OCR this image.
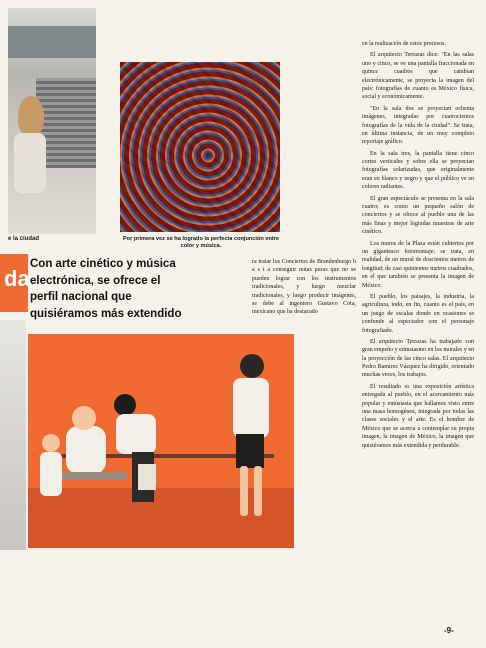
e la ciudad	Por primera vez se ha logrado la perfecta conjunción entre color y música.
da
Con arte cinético y música
electrónica, se ofrece el
perfil nacional que
quisiéramos más extendido

ra tratar los Conciertos de Brandenburgo h a s t a conseguir notas puras que no se pueden lograr con los instrumentos tradicionales, y luego mezclar tradicionales, y luego producir imágenes, se debe al ingeniero Gustavo Cota, mexicano que ha destacado

en la realización de estos procesos.

El arquitecto Terrazas dice: "En las salas uno y cinco, se ve una pantalla fraccionada en quince cuadros que cambian electrónicamente, se proyecta la imagen del país: fotografías de cuanto es México física, social y económicamente.

"En la sala dos se proyectan ochenta imágenes, integradas por cuatrocientos fotografías de la vida de la ciudad". Se trata, en última instancia, de un muy completo reportaje gráfico.

En la sala tres, la pantalla tiene cinco cortes verticales y sobre ella se proyectan fotografías solarizadas, que originalmente eran en blanco y negro y que el público ve en colores radiantes.

El gran espectáculo se presenta en la sala cuatro; es como un pequeño salón de conciertos y se ofrece al pueblo una de las más finas y mejor logradas muestras de arte cinético.

Los muros de la Plaza están cubiertos por un gigantesco fotomontaje; se trata, en realidad, de un mural de doscientos metros de longitud; de casi quinientos metros cuadrados, en el que también se presenta la imagen de México.

El pueblo, los paisajes, la industria, la agricultura, todo, en fin, cuanto es el país, en un juego de escalas donde en ocasiones se confunde al espectador con el personaje fotografiado.

El arquitecto Terrazas ha trabajado con gran empeño y entusiasmo en los murales y en la proyección de las cinco salas. El arquitecto Pedro Ramírez Vázquez ha dirigido, orientado muchas veces, los trabajos.

El resultado es una exposición artística entregada al pueblo, en el acercamiento más popular y entusiasta que hallamos visto entre una masa homogénea, integrada por todas las clases sociales y el arte. Es el hombre de México que se acerca a contemplar su propia imagen, la imagen de México, la imagen que quisiéramos más extendida y perdurable.

-9-
